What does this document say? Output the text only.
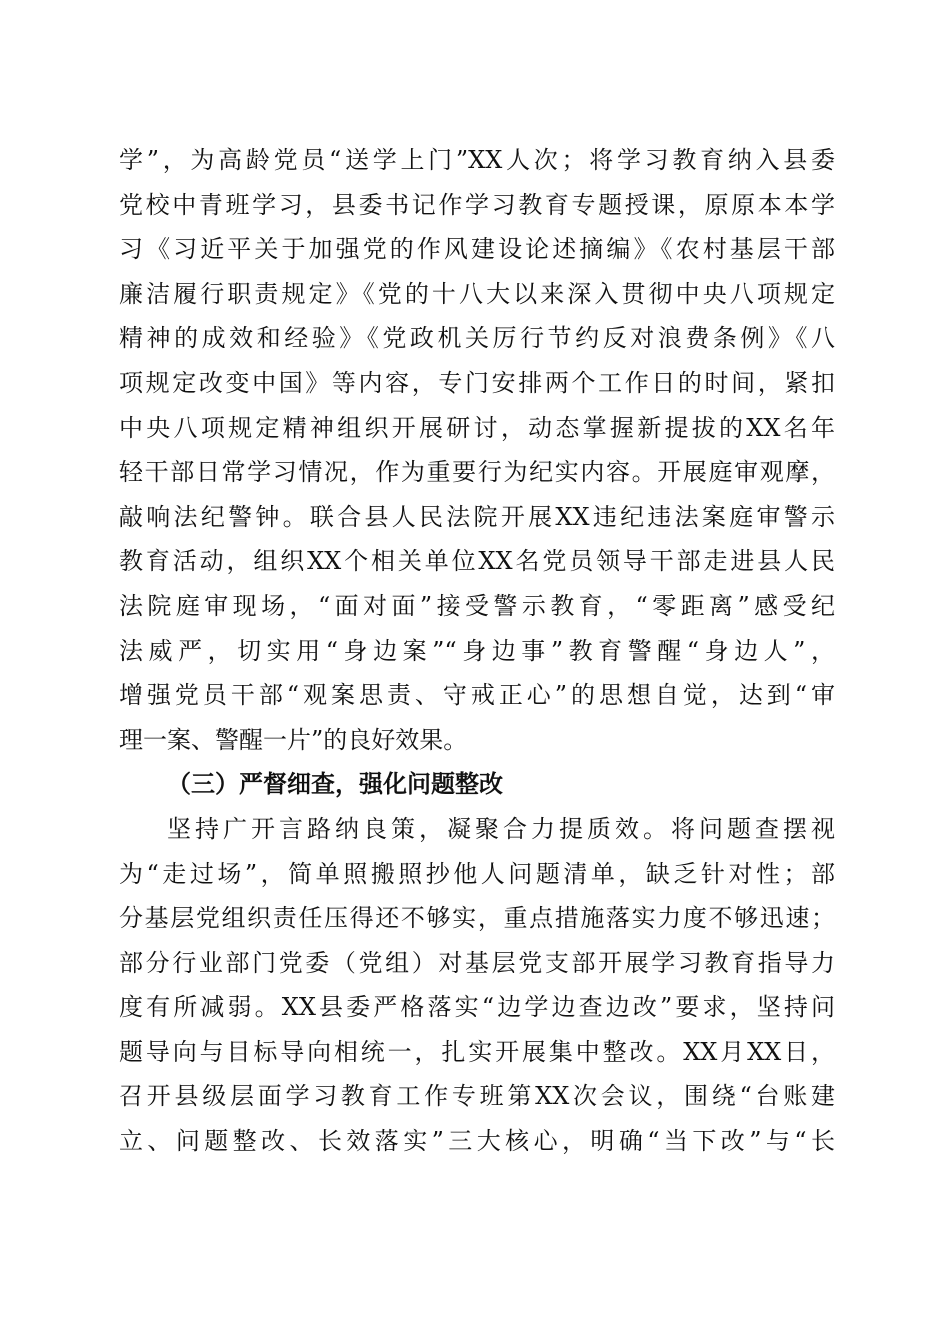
学”，为高龄党员“送学上门”XX人次；将学习教育纳入县委
党校中青班学习，县委书记作学习教育专题授课，原原本本学
习《习近平关于加强党的作风建设论述摘编》《农村基层干部
廉洁履行职责规定》《党的十八大以来深入贯彻中央八项规定
精神的成效和经验》《党政机关厉行节约反对浪费条例》《八
项规定改变中国》等内容，专门安排两个工作日的时间，紧扣
中央八项规定精神组织开展研讨，动态掌握新提拔的XX名年
轻干部日常学习情况，作为重要行为纪实内容。开展庭审观摩，
敲响法纪警钟。联合县人民法院开展XX违纪违法案庭审警示
教育活动，组织XX个相关单位XX名党员领导干部走进县人民
法院庭审现场，“面对面”接受警示教育，“零距离”感受纪
法威严，切实用“身边案”“身边事”教育警醒“身边人”，
增强党员干部“观案思责、守戒正心”的思想自觉，达到“审
理一案、警醒一片”的良好效果。
（三）严督细查，强化问题整改
坚持广开言路纳良策，凝聚合力提质效。将问题查摆视
为“走过场”，简单照搬照抄他人问题清单，缺乏针对性；部
分基层党组织责任压得还不够实，重点措施落实力度不够迅速；
部分行业部门党委（党组）对基层党支部开展学习教育指导力
度有所减弱。XX县委严格落实“边学边查边改”要求，坚持问
题导向与目标导向相统一，扎实开展集中整改。XX月XX日，
召开县级层面学习教育工作专班第XX次会议，围绕“台账建
立、问题整改、长效落实”三大核心，明确“当下改”与“长
